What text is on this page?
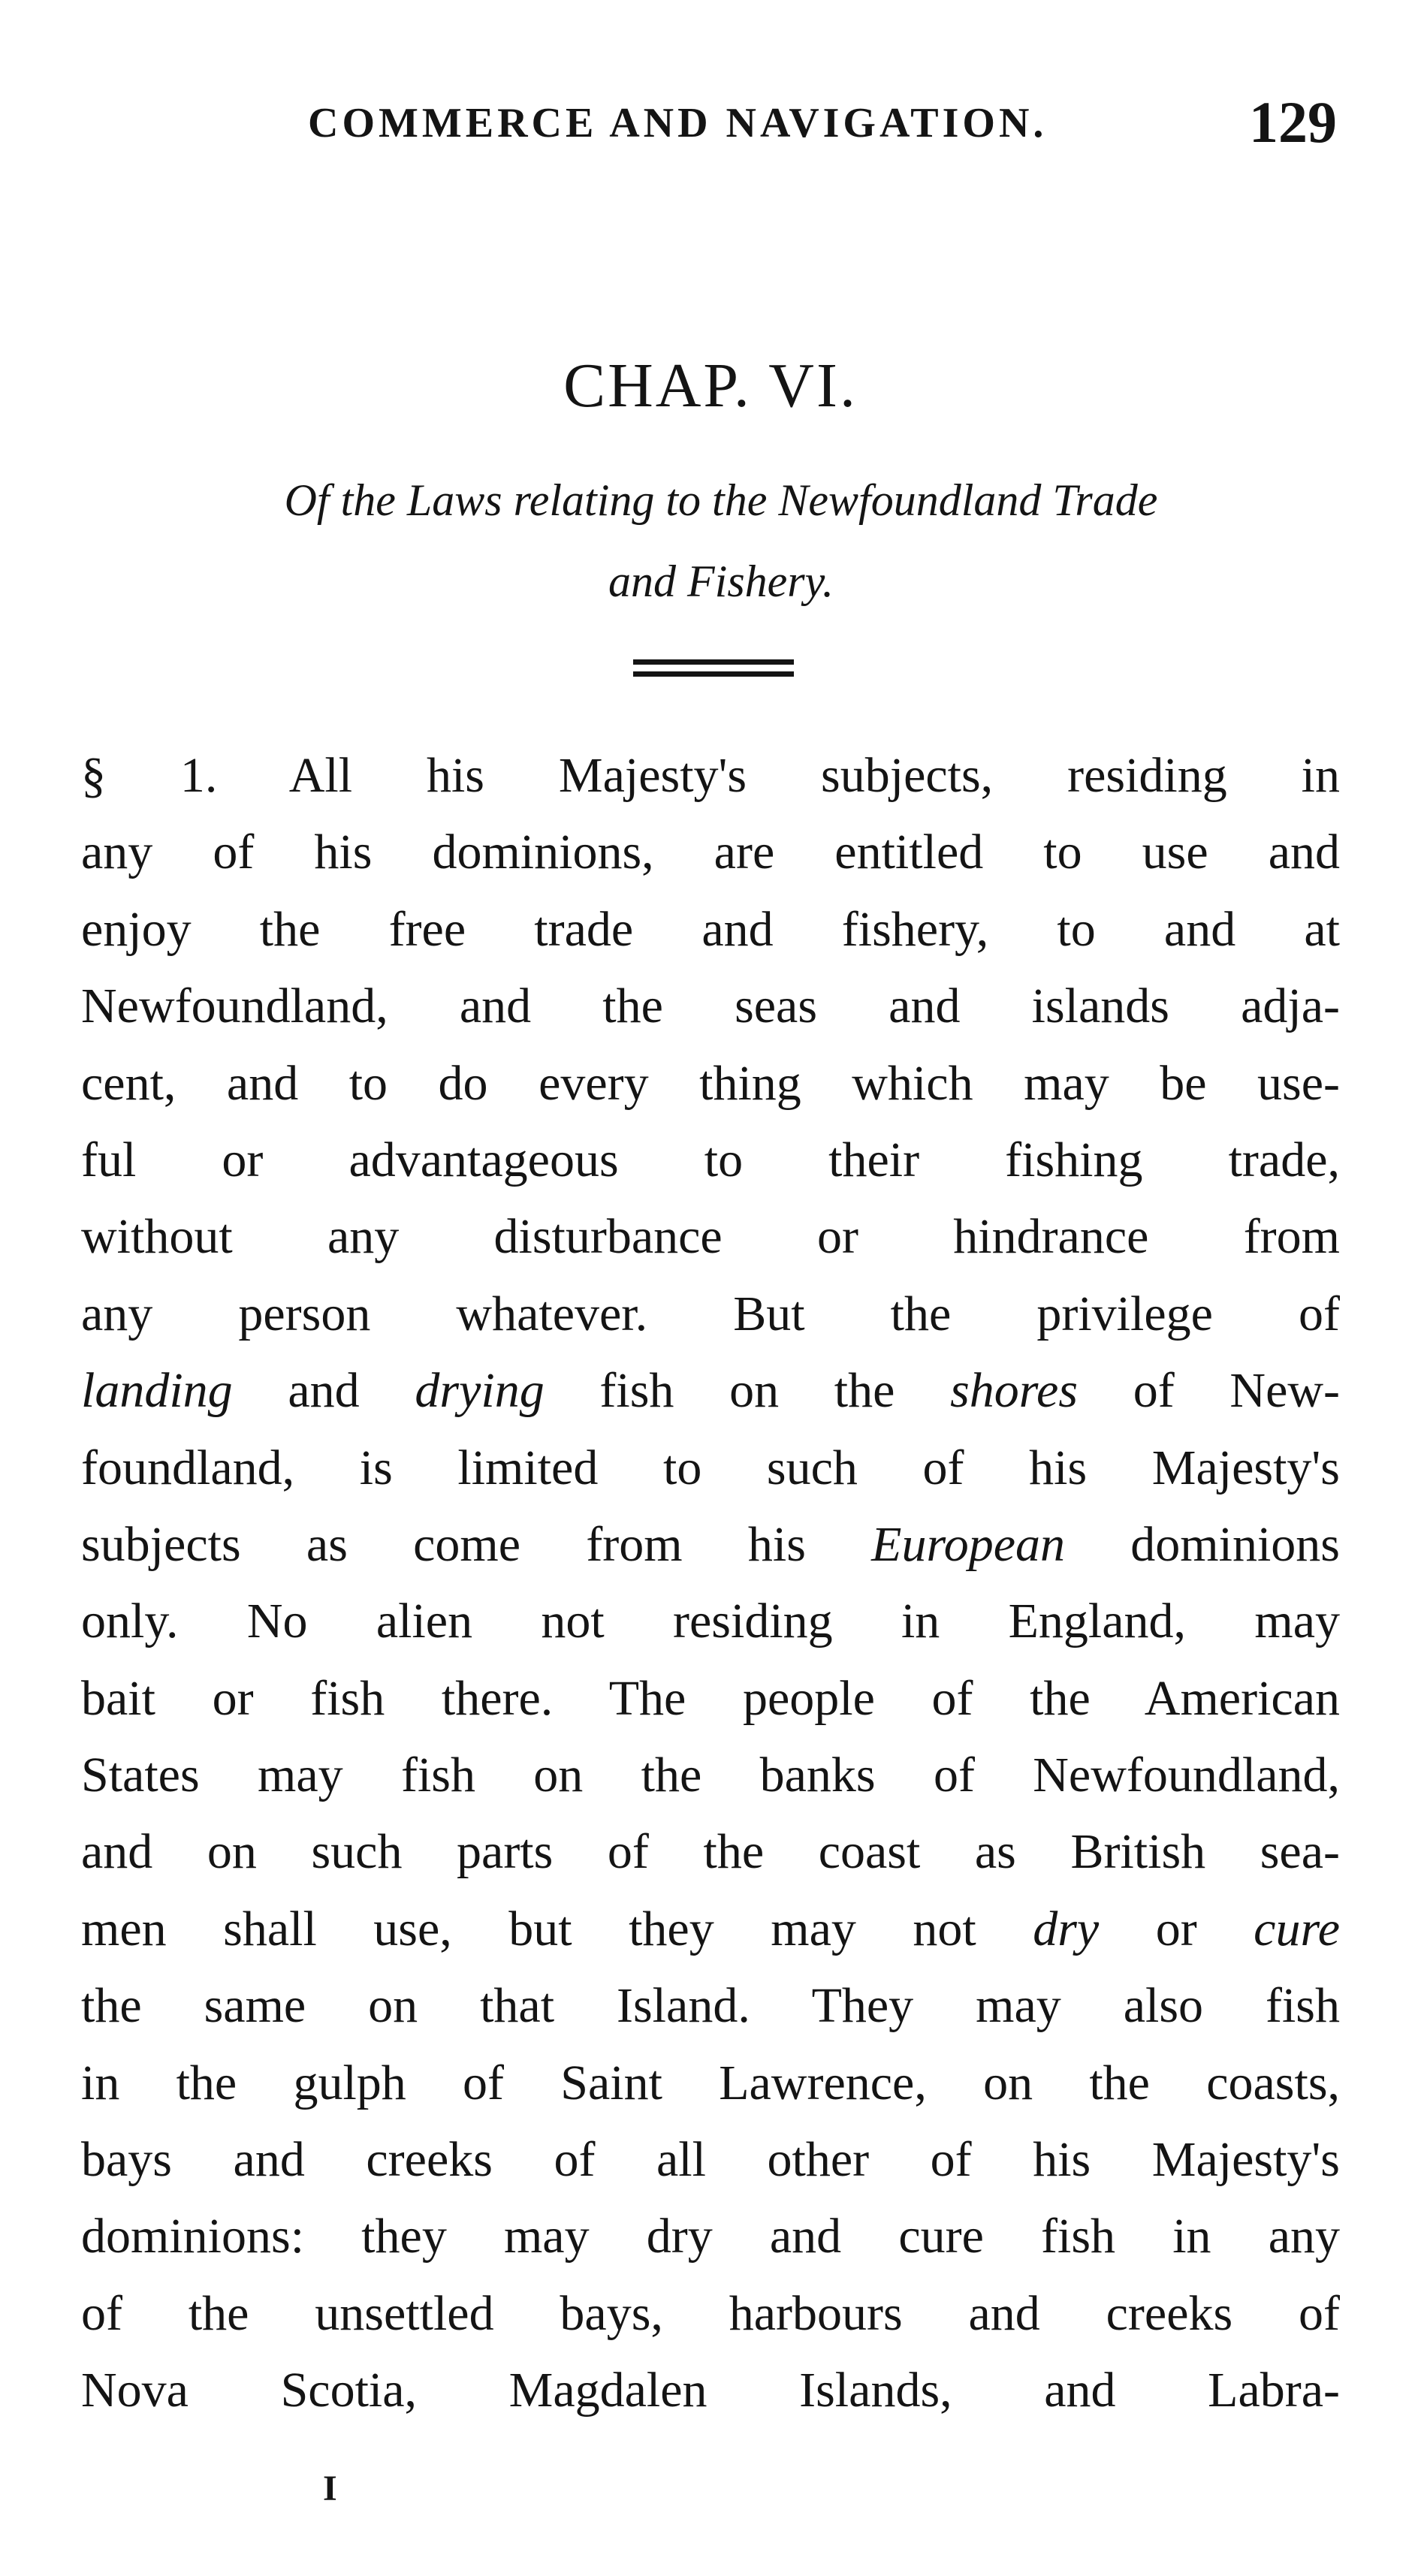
COMMERCE AND NAVIGATION.	129
CHAP. VI.
Of the Laws relating to the Newfoundland Trade
and Fishery.
§ 1. All his Majesty's subjects, residing in
any of his dominions, are entitled to use and
enjoy the free trade and fishery, to and at
Newfoundland, and the seas and islands adja-
cent, and to do every thing which may be use-
ful or advantageous to their fishing trade,
without any disturbance or hindrance from
any person whatever. But the privilege of
landing and drying fish on the shores of New-
foundland, is limited to such of his Majesty's
subjects as come from his European dominions
only. No alien not residing in England, may
bait or fish there. The people of the American
States may fish on the banks of Newfoundland,
and on such parts of the coast as British sea-
men shall use, but they may not dry or cure
the same on that Island. They may also fish
in the gulph of Saint Lawrence, on the coasts,
bays and creeks of all other of his Majesty's
dominions: they may dry and cure fish in any
of the unsettled bays, harbours and creeks of
Nova Scotia, Magdalen Islands, and Labra-
I
